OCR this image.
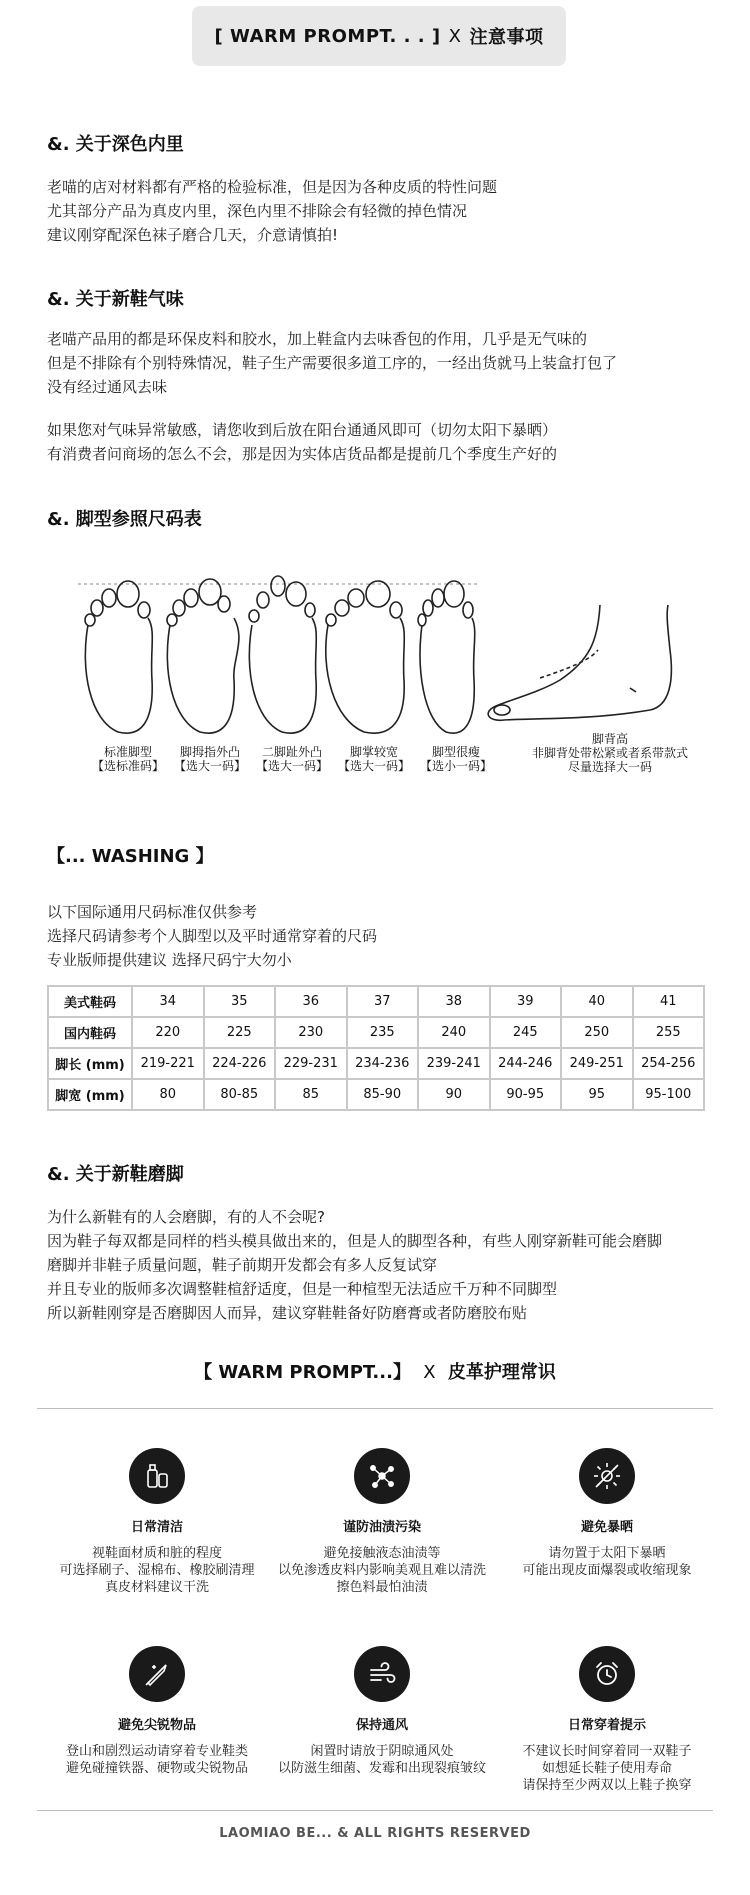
[ WARM PROMPT. . . ] X 注意事项
&. 关于深色内里
老喵的店对材料都有严格的检验标准，但是因为各种皮质的特性问题
尤其部分产品为真皮内里，深色内里不排除会有轻微的掉色情况
建议刚穿配深色袜子磨合几天，介意请慎拍!
&. 关于新鞋气味
老喵产品用的都是环保皮料和胶水，加上鞋盒内去味香包的作用，几乎是无气味的
但是不排除有个别特殊情况，鞋子生产需要很多道工序的，一经出货就马上装盒打包了
没有经过通风去味
如果您对气味异常敏感，请您收到后放在阳台通通风即可（切勿太阳下暴晒）
有消费者问商场的怎么不会，那是因为实体店货品都是提前几个季度生产好的
&. 脚型参照尺码表
标准脚型
【选标准码】
脚拇指外凸
【选大一码】
二脚趾外凸
【选大一码】
脚掌较宽
【选大一码】
脚型很瘦
【选小一码】
脚背高
非脚背处带松紧或者系带款式
尽量选择大一码
【... WASHING 】
以下国际通用尺码标准仅供参考
选择尺码请参考个人脚型以及平时通常穿着的尺码
专业版师提供建议 选择尺码宁大勿小
美式鞋码	34	35	36	37	38	39	40	41
国内鞋码	220	225	230	235	240	245	250	255
脚长 (mm)	219-221	224-226	229-231	234-236	239-241	244-246	249-251	254-256
脚宽 (mm)	80	80-85	85	85-90	90	90-95	95	95-100
&. 关于新鞋磨脚
为什么新鞋有的人会磨脚，有的人不会呢?
因为鞋子每双都是同样的档头模具做出来的，但是人的脚型各种，有些人刚穿新鞋可能会磨脚
磨脚并非鞋子质量问题，鞋子前期开发都会有多人反复试穿
并且专业的版师多次调整鞋楦舒适度，但是一种楦型无法适应千万种不同脚型
所以新鞋刚穿是否磨脚因人而异，建议穿鞋鞋备好防磨膏或者防磨胶布贴
【 WARM PROMPT...】 X 皮革护理常识
日常清洁
视鞋面材质和脏的程度
可选择刷子、湿棉布、橡胶刷清理
真皮材料建议干洗
谨防油渍污染
避免接触液态油渍等
以免渗透皮料内影响美观且难以清洗
擦色料最怕油渍
避免暴晒
请勿置于太阳下暴晒
可能出现皮面爆裂或收缩现象
避免尖锐物品
登山和剧烈运动请穿着专业鞋类
避免碰撞铁器、硬物或尖锐物品
保持通风
闲置时请放于阴晾通风处
以防滋生细菌、发霉和出现裂痕皱纹
日常穿着提示
不建议长时间穿着同一双鞋子
如想延长鞋子使用寿命
请保持至少两双以上鞋子换穿
LAOMIAO BE... & ALL RIGHTS RESERVED
